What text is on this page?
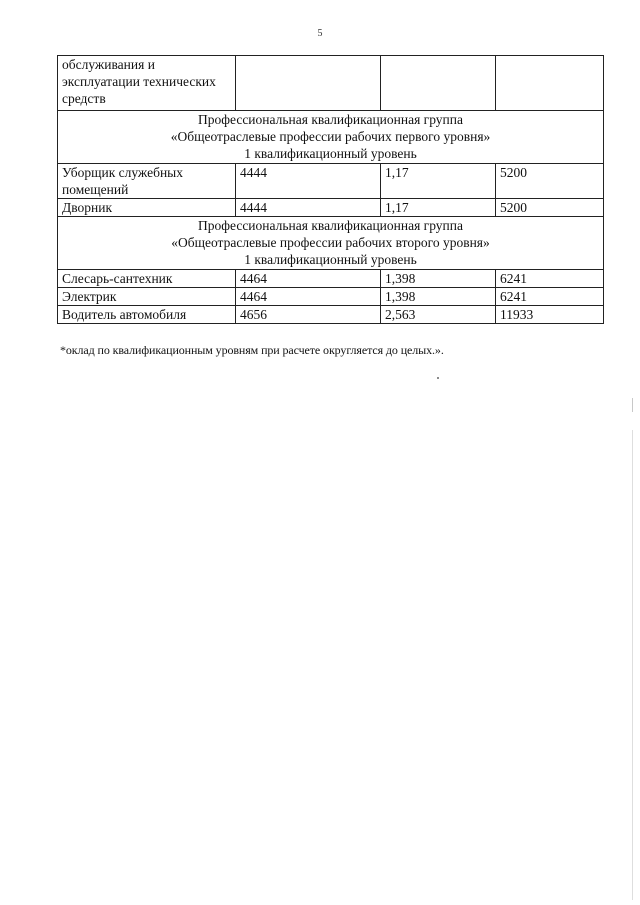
5
обслуживания и эксплуатации технических средств			

Профессиональная квалификационная группа
«Общеотраслевые профессии рабочих первого уровня»
1 квалификационный уровень			

Уборщик служебных помещений	4444	1,17	5200
Дворник	4444	1,17	5200

Профессиональная квалификационная группа
«Общеотраслевые профессии рабочих второго уровня»
1 квалификационный уровень			

Слесарь-сантехник	4464	1,398	6241
Электрик	4464	1,398	6241
Водитель автомобиля	4656	2,563	11933
*оклад по квалификационным уровням при расчете округляется до целых.».
